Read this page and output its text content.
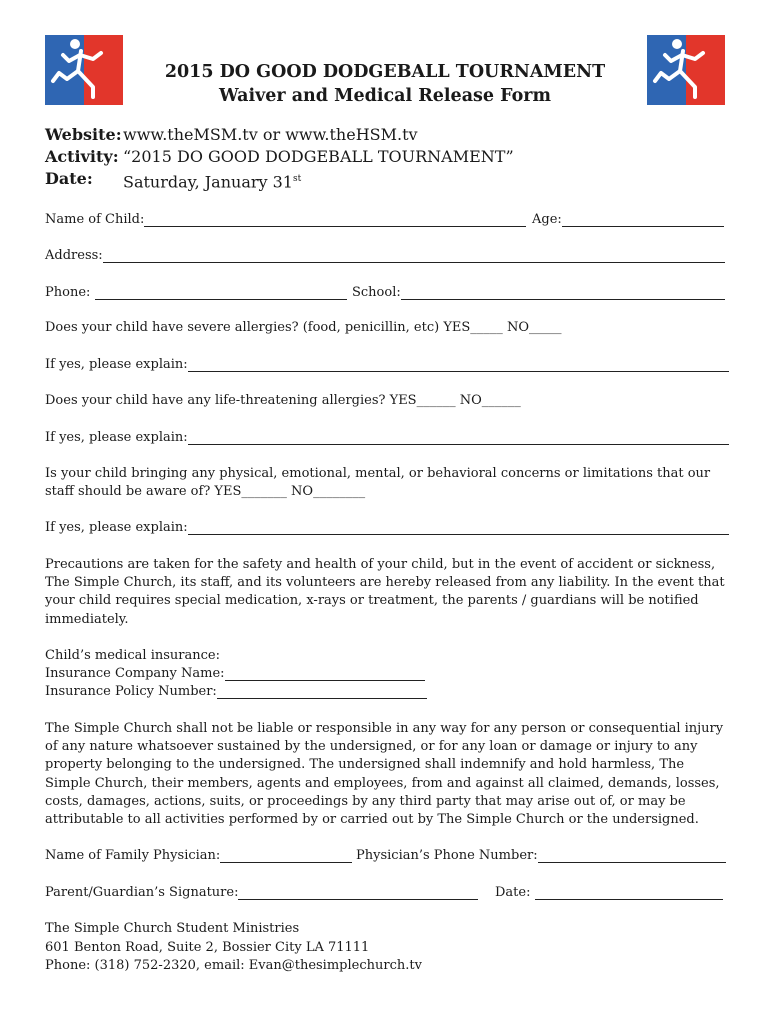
2015 DO GOOD DODGEBALL TOURNAMENT
Waiver and Medical Release Form
Website: www.theMSM.tv or www.theHSM.tv
Activity: “2015 DO GOOD DODGEBALL TOURNAMENT”
Date:	Saturday, January 31st
Name of Child:	Age:
Address:
Phone:	School:
Does your child have severe allergies? (food, penicillin, etc) YES_____ NO_____
If yes, please explain:
Does your child have any life-threatening allergies? YES______ NO______
If yes, please explain:
Is your child bringing any physical, emotional, mental, or behavioral concerns or limitations that our staff should be aware of? YES_______ NO________
If yes, please explain:
Precautions are taken for the safety and health of your child, but in the event of accident or sickness, The Simple Church, its staff, and its volunteers are hereby released from any liability. In the event that your child requires special medication, x-rays or treatment, the parents / guardians will be notified immediately.
Child’s medical insurance:
Insurance Company Name:
Insurance Policy Number:
The Simple Church shall not be liable or responsible in any way for any person or consequential injury of any nature whatsoever sustained by the undersigned, or for any loan or damage or injury to any property belonging to the undersigned. The undersigned shall indemnify and hold harmless, The Simple Church, their members, agents and employees, from and against all claimed, demands, losses, costs, damages, actions, suits, or proceedings by any third party that may arise out of, or may be attributable to all activities performed by or carried out by The Simple Church or the undersigned.
Name of Family Physician:	Physician’s Phone Number:
Parent/Guardian’s Signature:	Date:
The Simple Church Student Ministries
601 Benton Road, Suite 2, Bossier City LA 71111
Phone: (318) 752-2320, email: Evan@thesimplechurch.tv
